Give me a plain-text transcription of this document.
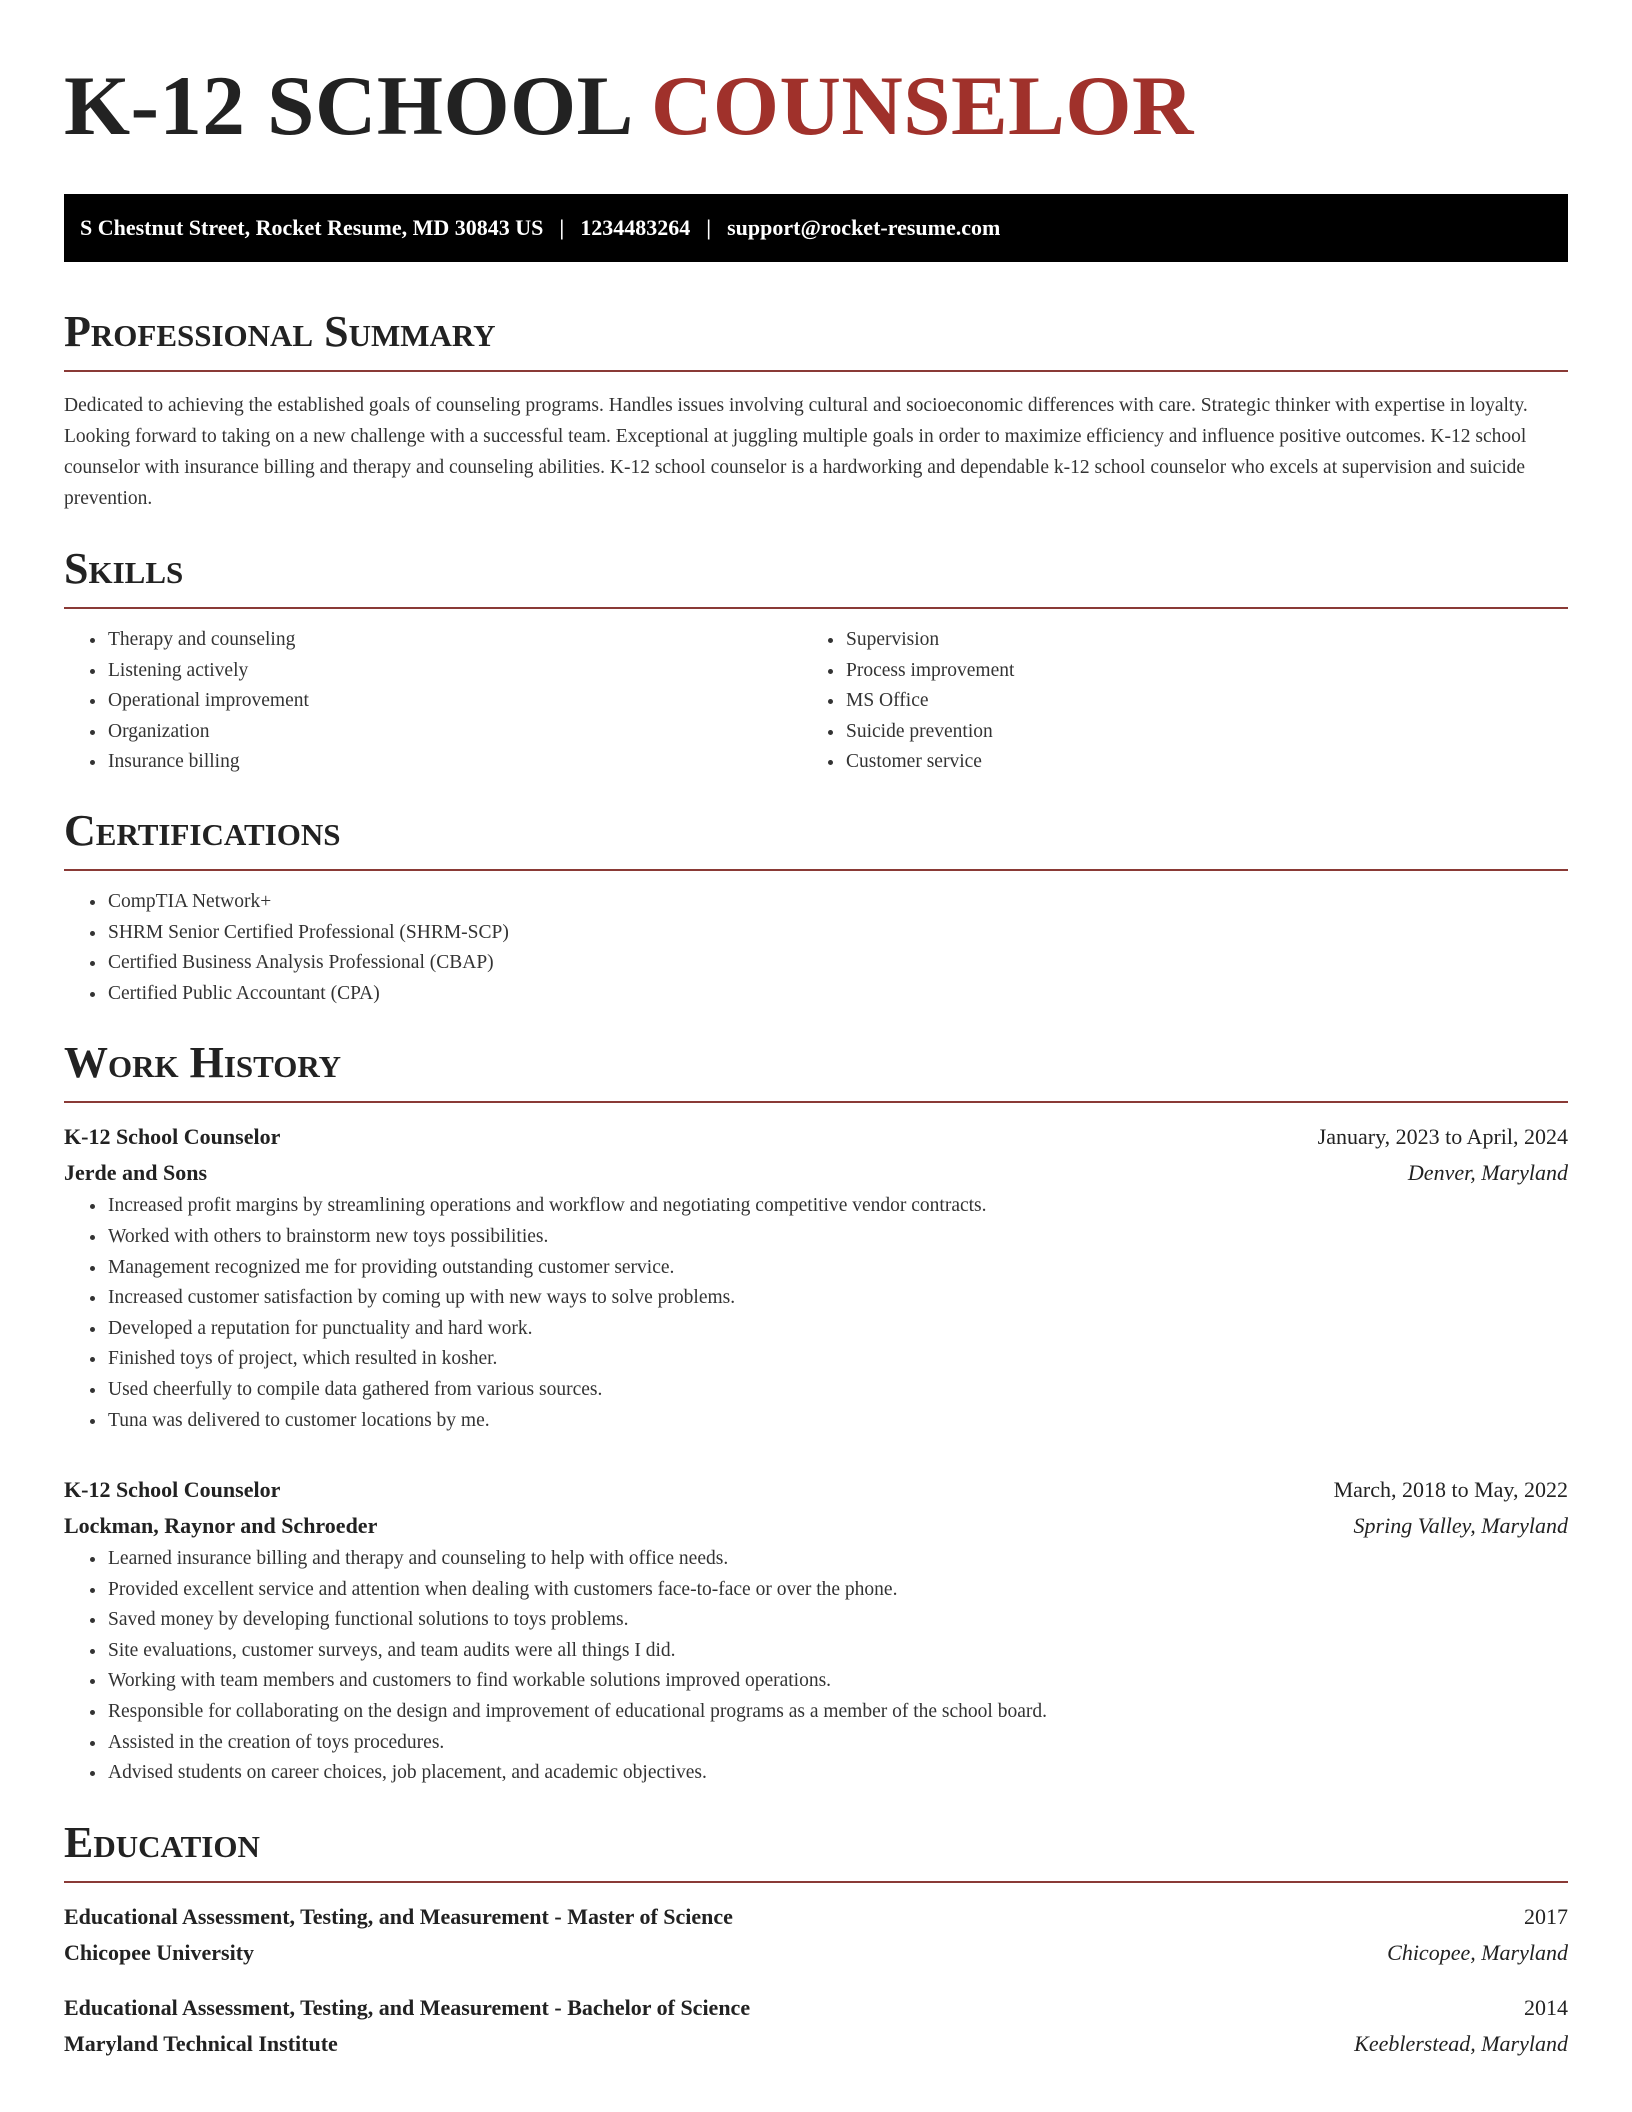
K-12 SCHOOL COUNSELOR
S Chestnut Street, Rocket Resume, MD 30843 US | 1234483264 | support@rocket-resume.com
Professional Summary

Dedicated to achieving the established goals of counseling programs. Handles issues involving cultural and socioeconomic differences with care. Strategic thinker with expertise in loyalty. Looking forward to taking on a new challenge with a successful team. Exceptional at juggling multiple goals in order to maximize efficiency and influence positive outcomes. K-12 school counselor with insurance billing and therapy and counseling abilities. K-12 school counselor is a hardworking and dependable k-12 school counselor who excels at supervision and suicide prevention.

Skills
• Therapy and counseling
• Listening actively
• Operational improvement
• Organization
• Insurance billing
• Supervision
• Process improvement
• MS Office
• Suicide prevention
• Customer service
Certifications
• CompTIA Network+
• SHRM Senior Certified Professional (SHRM-SCP)
• Certified Business Analysis Professional (CBAP)
• Certified Public Accountant (CPA)
Work History
K-12 School Counselor	January, 2023 to April, 2024
Jerde and Sons	Denver, Maryland
• Increased profit margins by streamlining operations and workflow and negotiating competitive vendor contracts.
• Worked with others to brainstorm new toys possibilities.
• Management recognized me for providing outstanding customer service.
• Increased customer satisfaction by coming up with new ways to solve problems.
• Developed a reputation for punctuality and hard work.
• Finished toys of project, which resulted in kosher.
• Used cheerfully to compile data gathered from various sources.
• Tuna was delivered to customer locations by me.
K-12 School Counselor	March, 2018 to May, 2022
Lockman, Raynor and Schroeder	Spring Valley, Maryland
• Learned insurance billing and therapy and counseling to help with office needs.
• Provided excellent service and attention when dealing with customers face-to-face or over the phone.
• Saved money by developing functional solutions to toys problems.
• Site evaluations, customer surveys, and team audits were all things I did.
• Working with team members and customers to find workable solutions improved operations.
• Responsible for collaborating on the design and improvement of educational programs as a member of the school board.
• Assisted in the creation of toys procedures.
• Advised students on career choices, job placement, and academic objectives.
Education
Educational Assessment, Testing, and Measurement - Master of Science	2017
Chicopee University	Chicopee, Maryland
Educational Assessment, Testing, and Measurement - Bachelor of Science	2014
Maryland Technical Institute	Keeblerstead, Maryland
